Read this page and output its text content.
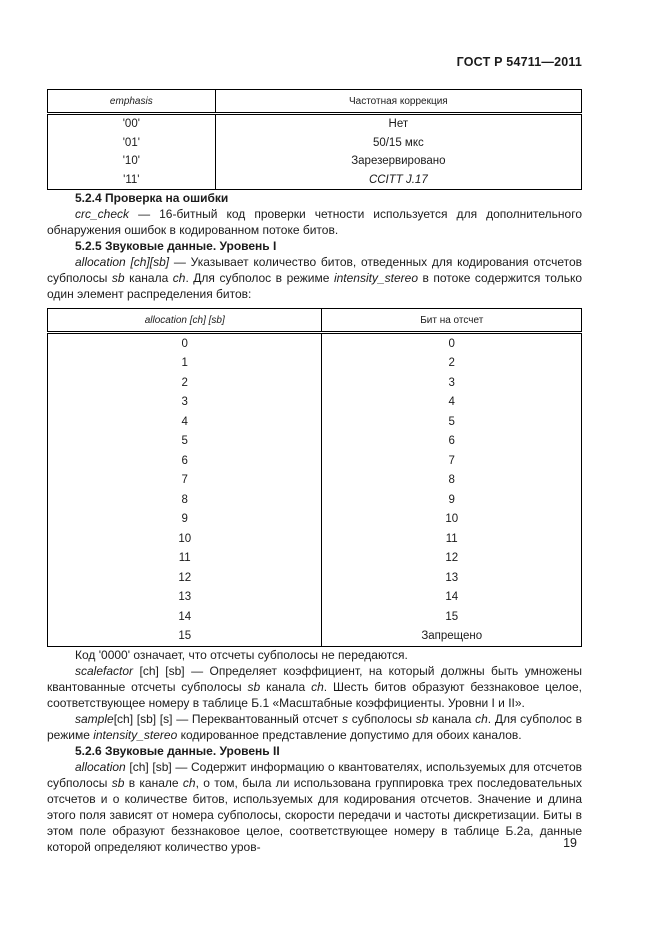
ГОСТ Р 54711—2011
emphasis	Частотная коррекция
'00'	Нет
'01'	50/15 мкс
'10'	Зарезервировано
'11'	CCITT J.17
5.2.4 Проверка на ошибки

crc_check — 16-битный код проверки четности используется для дополнительного обнаружения ошибок в кодированном потоке битов.

5.2.5 Звуковые данные. Уровень I

allocation [ch][sb] — Указывает количество битов, отведенных для кодирования отсчетов субполосы sb канала ch. Для субполос в режиме intensity_stereo в потоке содержится только один элемент распределения битов:

allocation [ch] [sb]	Бит на отсчет
0	0
1	2
2	3
3	4
4	5
5	6
6	7
7	8
8	9
9	10
10	11
11	12
12	13
13	14
14	15
15	Запрещено

Код '0000' означает, что отсчеты субполосы не передаются.

scalefactor [ch] [sb] — Определяет коэффициент, на который должны быть умножены квантованные отсчеты субполосы sb канала ch. Шесть битов образуют беззнаковое целое, соответствующее номеру в таблице Б.1 «Масштабные коэффициенты. Уровни I и II».

sample[ch] [sb] [s] — Переквантованный отсчет s субполосы sb канала ch. Для субполос в режиме intensity_stereo кодированное представление допустимо для обоих каналов.

5.2.6 Звуковые данные. Уровень II

allocation [ch] [sb] — Содержит информацию о квантователях, используемых для отсчетов субполосы sb в канале ch, о том, была ли использована группировка трех последовательных отсчетов и о количестве битов, используемых для кодирования отсчетов. Значение и длина этого поля зависят от номера субполосы, скорости передачи и частоты дискретизации. Биты в этом поле образуют беззнаковое целое, соответствующее номеру в таблице Б.2а, данные которой определяют количество уров-	19
